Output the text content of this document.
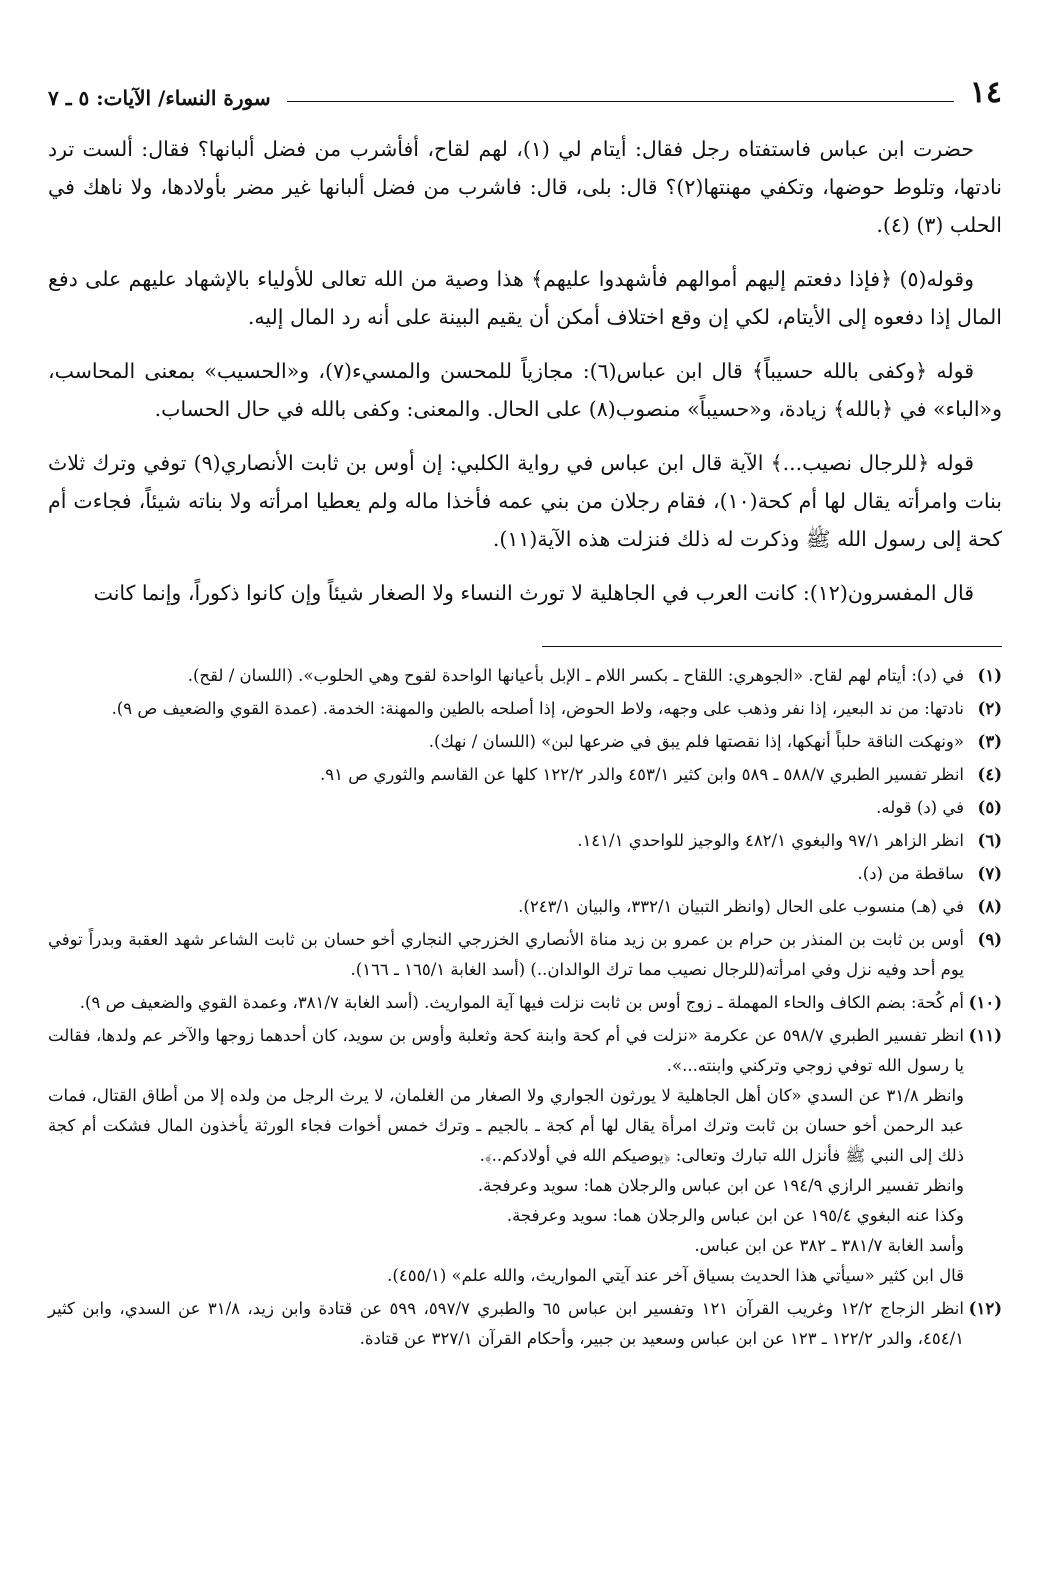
١٤
سورة النساء/ الآيات: ٥ ـ ٧

حضرت ابن عباس فاستفتاه رجل فقال: أيتام لي (١)، لهم لقاح، أفأشرب من فضل ألبانها؟ فقال: ألست ترد نادتها، وتلوط حوضها، وتكفي مهنتها(٢)؟ قال: بلى، قال: فاشرب من فضل ألبانها غير مضر بأولادها، ولا ناهك في الحلب (٣) (٤).

وقوله(٥) ﴿فإذا دفعتم إليهم أموالهم فأشهدوا عليهم﴾ هذا وصية من الله تعالى للأولياء بالإشهاد عليهم على دفع المال إذا دفعوه إلى الأيتام، لكي إن وقع اختلاف أمكن أن يقيم البينة على أنه رد المال إليه.

قوله ﴿وكفى بالله حسيباً﴾ قال ابن عباس(٦): مجازياً للمحسن والمسيء(٧)، و«الحسيب» بمعنى المحاسب، و«الباء» في ﴿بالله﴾ زيادة، و«حسيباً» منصوب(٨) على الحال. والمعنى: وكفى بالله في حال الحساب.

قوله ﴿للرجال نصيب...﴾ الآية قال ابن عباس في رواية الكلبي: إن أوس بن ثابت الأنصاري(٩) توفي وترك ثلاث بنات وامرأته يقال لها أم كحة(١٠)، فقام رجلان من بني عمه فأخذا ماله ولم يعطيا امرأته ولا بناته شيئاً، فجاءت أم كحة إلى رسول الله ﷺ وذكرت له ذلك فنزلت هذه الآية(١١).

قال المفسرون(١٢): كانت العرب في الجاهلية لا تورث النساء ولا الصغار شيئاً وإن كانوا ذكوراً، وإنما كانت

(١)
في (د): أيتام لهم لقاح. «الجوهري: اللقاح ـ بكسر اللام ـ الإبل بأعيانها الواحدة لقوح وهي الحلوب». (اللسان / لقح).
(٢)
نادتها: من ند البعير، إذا نفر وذهب على وجهه، ولاط الحوض، إذا أصلحه بالطين والمهنة: الخدمة. (عمدة القوي والضعيف ص ٩).
(٣)
«ونهكت الناقة حلباً أنهكها، إذا نقصتها فلم يبق في ضرعها لبن» (اللسان / نهك).
(٤)
انظر تفسير الطبري ٥٨٨/٧ ـ ٥٨٩ وابن كثير ٤٥٣/١ والدر ١٢٢/٢ كلها عن القاسم والثوري ص ٩١.
(٥)
في (د) قوله.
(٦)
انظر الزاهر ٩٧/١ والبغوي ٤٨٢/١ والوجيز للواحدي ١٤١/١.
(٧)
ساقطة من (د).
(٨)
في (هـ) منسوب على الحال (وانظر التبيان ٣٣٢/١، والبيان ٢٤٣/١).
(٩)
أوس بن ثابت بن المنذر بن حرام بن عمرو بن زيد مناة الأنصاري الخزرجي النجاري أخو حسان بن ثابت الشاعر شهد العقبة وبدراً توفي يوم أحد وفيه نزل وفي امرأته(للرجال نصيب مما ترك الوالدان..) (أسد الغابة ١٦٥/١ ـ ١٦٦).
(١٠)
أم كُحة: بضم الكاف والحاء المهملة ـ زوج أوس بن ثابت نزلت فيها آية المواريث. (أسد الغابة ٣٨١/٧، وعمدة القوي والضعيف ص ٩).
(١١)
انظر تفسير الطبري ٥٩٨/٧ عن عكرمة «نزلت في أم كحة وابنة كحة وثعلبة وأوس بن سويد، كان أحدهما زوجها والآخر عم ولدها، فقالت يا رسول الله توفي زوجي وتركني وابنته...».
وانظر ٣١/٨ عن السدي «كان أهل الجاهلية لا يورثون الجواري ولا الصغار من الغلمان، لا يرث الرجل من ولده إلا من أطاق القتال، فمات عبد الرحمن أخو حسان بن ثابت وترك امرأة يقال لها أم كجة ـ بالجيم ـ وترك خمس أخوات فجاء الورثة يأخذون المال فشكت أم كجة ذلك إلى النبي ﷺ فأنزل الله تبارك وتعالى: ﴿يوصيكم الله في أولادكم..﴾.
وانظر تفسير الرازي ١٩٤/٩ عن ابن عباس والرجلان هما: سويد وعرفجة.
وكذا عنه البغوي ١٩٥/٤ عن ابن عباس والرجلان هما: سويد وعرفجة.
وأسد الغابة ٣٨١/٧ ـ ٣٨٢ عن ابن عباس.
قال ابن كثير «سيأتي هذا الحديث بسياق آخر عند آيتي المواريث، والله علم» (٤٥٥/١).
(١٢)
انظر الزجاج ١٢/٢ وغريب القرآن ١٢١ وتفسير ابن عباس ٦٥ والطبري ٥٩٧/٧، ٥٩٩ عن قتادة وابن زيد، ٣١/٨ عن السدي، وابن كثير ٤٥٤/١، والدر ١٢٢/٢ ـ ١٢٣ عن ابن عباس وسعيد بن جبير، وأحكام القرآن ٣٢٧/١ عن قتادة.
